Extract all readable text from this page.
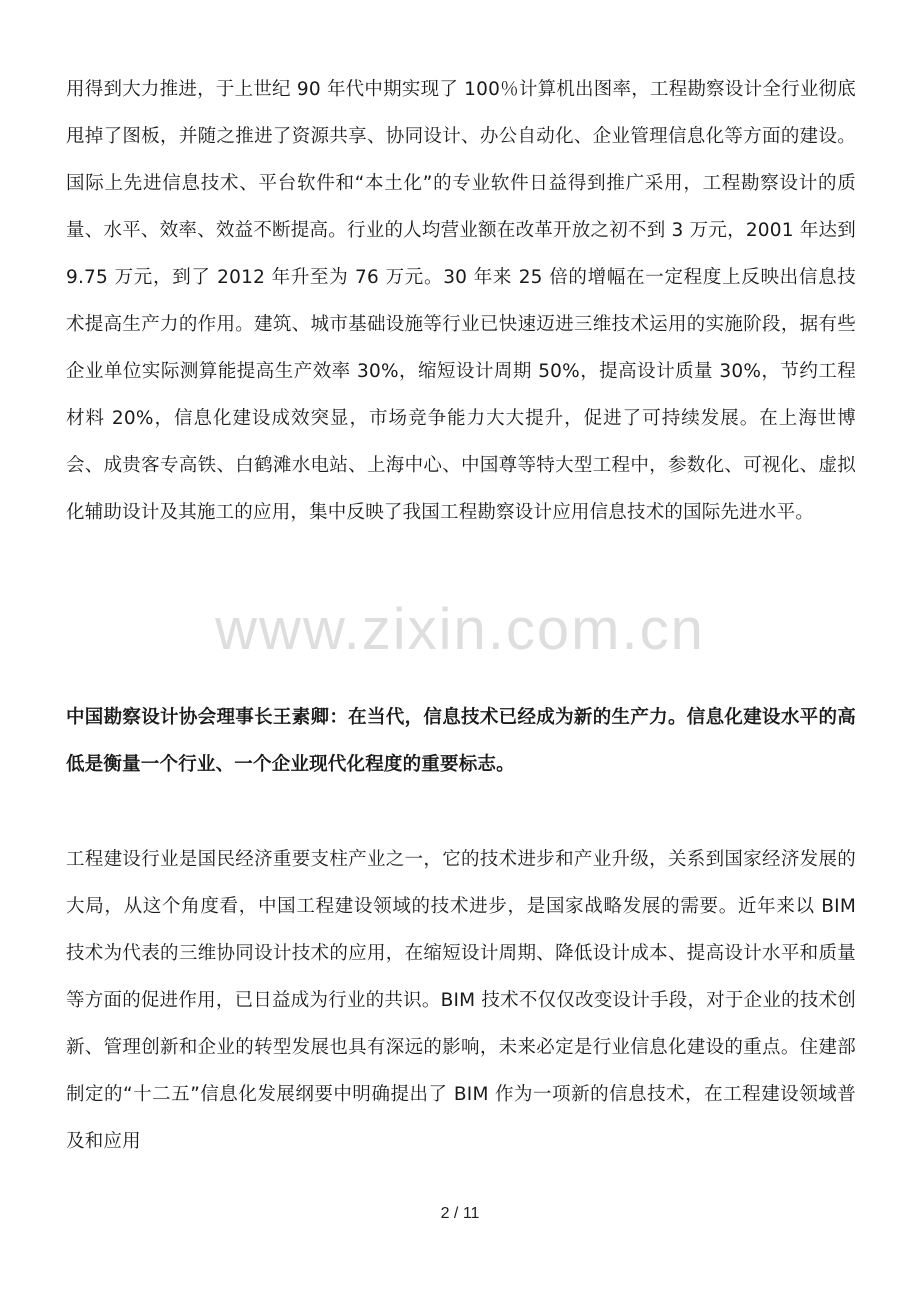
用得到大力推进，于上世纪 90 年代中期实现了 100％计算机出图率，工程勘察设计全行业彻底甩掉了图板，并随之推进了资源共享、协同设计、办公自动化、企业管理信息化等方面的建设。国际上先进信息技术、平台软件和“本土化”的专业软件日益得到推广采用，工程勘察设计的质量、水平、效率、效益不断提高。行业的人均营业额在改革开放之初不到 3 万元，2001 年达到 9.75 万元，到了 2012 年升至为 76 万元。30 年来 25 倍的增幅在一定程度上反映出信息技术提高生产力的作用。建筑、城市基础设施等行业已快速迈进三维技术运用的实施阶段，据有些企业单位实际测算能提高生产效率 30%，缩短设计周期 50%，提高设计质量 30%，节约工程材料 20%，信息化建设成效突显，市场竞争能力大大提升，促进了可持续发展。在上海世博会、成贵客专高铁、白鹤滩水电站、上海中心、中国尊等特大型工程中，参数化、可视化、虚拟化辅助设计及其施工的应用，集中反映了我国工程勘察设计应用信息技术的国际先进水平。

www.zixin.com.cn

中国勘察设计协会理事长王素卿：在当代，信息技术已经成为新的生产力。信息化建设水平的高低是衡量一个行业、一个企业现代化程度的重要标志。

工程建设行业是国民经济重要支柱产业之一，它的技术进步和产业升级，关系到国家经济发展的大局，从这个角度看，中国工程建设领域的技术进步，是国家战略发展的需要。近年来以 BIM 技术为代表的三维协同设计技术的应用，在缩短设计周期、降低设计成本、提高设计水平和质量等方面的促进作用，已日益成为行业的共识。BIM 技术不仅仅改变设计手段，对于企业的技术创新、管理创新和企业的转型发展也具有深远的影响，未来必定是行业信息化建设的重点。住建部制定的“十二五”信息化发展纲要中明确提出了 BIM 作为一项新的信息技术，在工程建设领域普及和应用

2 / 11
